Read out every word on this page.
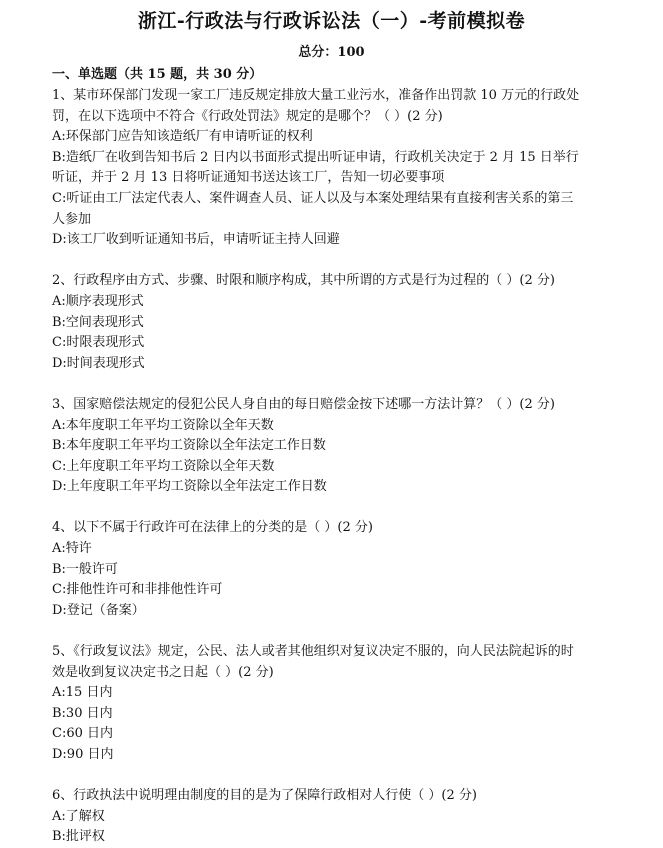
浙江-行政法与行政诉讼法（一）-考前模拟卷
总分：100
一、单选题（共 15 题，共 30 分）
1、某市环保部门发现一家工厂违反规定排放大量工业污水，准备作出罚款 10 万元的行政处
罚，在以下选项中不符合《行政处罚法》规定的是哪个？（ ）(2 分)
A:环保部门应告知该造纸厂有申请听证的权利
B:造纸厂在收到告知书后 2 日内以书面形式提出听证申请，行政机关决定于 2 月 15 日举行
听证，并于 2 月 13 日将听证通知书送达该工厂，告知一切必要事项
C:听证由工厂法定代表人、案件调查人员、证人以及与本案处理结果有直接利害关系的第三
人参加
D:该工厂收到听证通知书后，申请听证主持人回避
2、行政程序由方式、步骤、时限和顺序构成，其中所谓的方式是行为过程的（ ）(2 分)
A:顺序表现形式
B:空间表现形式
C:时限表现形式
D:时间表现形式
3、国家赔偿法规定的侵犯公民人身自由的每日赔偿金按下述哪一方法计算？（ ）(2 分)
A:本年度职工年平均工资除以全年天数
B:本年度职工年平均工资除以全年法定工作日数
C:上年度职工年平均工资除以全年天数
D:上年度职工年平均工资除以全年法定工作日数
4、以下不属于行政许可在法律上的分类的是（ ）(2 分)
A:特许
B:一般许可
C:排他性许可和非排他性许可
D:登记（备案）
5、《行政复议法》规定，公民、法人或者其他组织对复议决定不服的，向人民法院起诉的时
效是收到复议决定书之日起（ ）(2 分)
A:15 日内
B:30 日内
C:60 日内
D:90 日内
6、行政执法中说明理由制度的目的是为了保障行政相对人行使（ ）(2 分)
A:了解权
B:批评权
